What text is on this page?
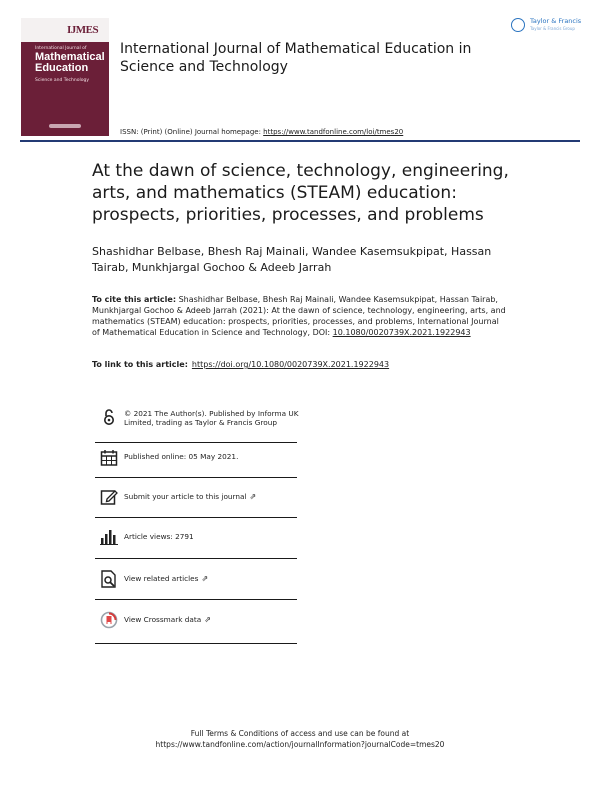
IJMES
International Journal of
Mathematical
Education
Science and Technology
International Journal of Mathematical Education in Science and Technology
ISSN: (Print) (Online) Journal homepage: https://www.tandfonline.com/loi/tmes20
Taylor & Francis
Taylor & Francis Group
At the dawn of science, technology, engineering, arts, and mathematics (STEAM) education: prospects, priorities, processes, and problems
Shashidhar Belbase, Bhesh Raj Mainali, Wandee Kasemsukpipat, Hassan Tairab, Munkhjargal Gochoo & Adeeb Jarrah
To cite this article: Shashidhar Belbase, Bhesh Raj Mainali, Wandee Kasemsukpipat, Hassan Tairab, Munkhjargal Gochoo & Adeeb Jarrah (2021): At the dawn of science, technology, engineering, arts, and mathematics (STEAM) education: prospects, priorities, processes, and problems, International Journal of Mathematical Education in Science and Technology, DOI: 10.1080/0020739X.2021.1922943
To link to this article: https://doi.org/10.1080/0020739X.2021.1922943
© 2021 The Author(s). Published by Informa UK Limited, trading as Taylor & Francis Group
Published online: 05 May 2021.
Submit your article to this journal ⇗
Article views: 2791
View related articles ⇗
View Crossmark data ⇗
Full Terms & Conditions of access and use can be found at
https://www.tandfonline.com/action/journalInformation?journalCode=tmes20
